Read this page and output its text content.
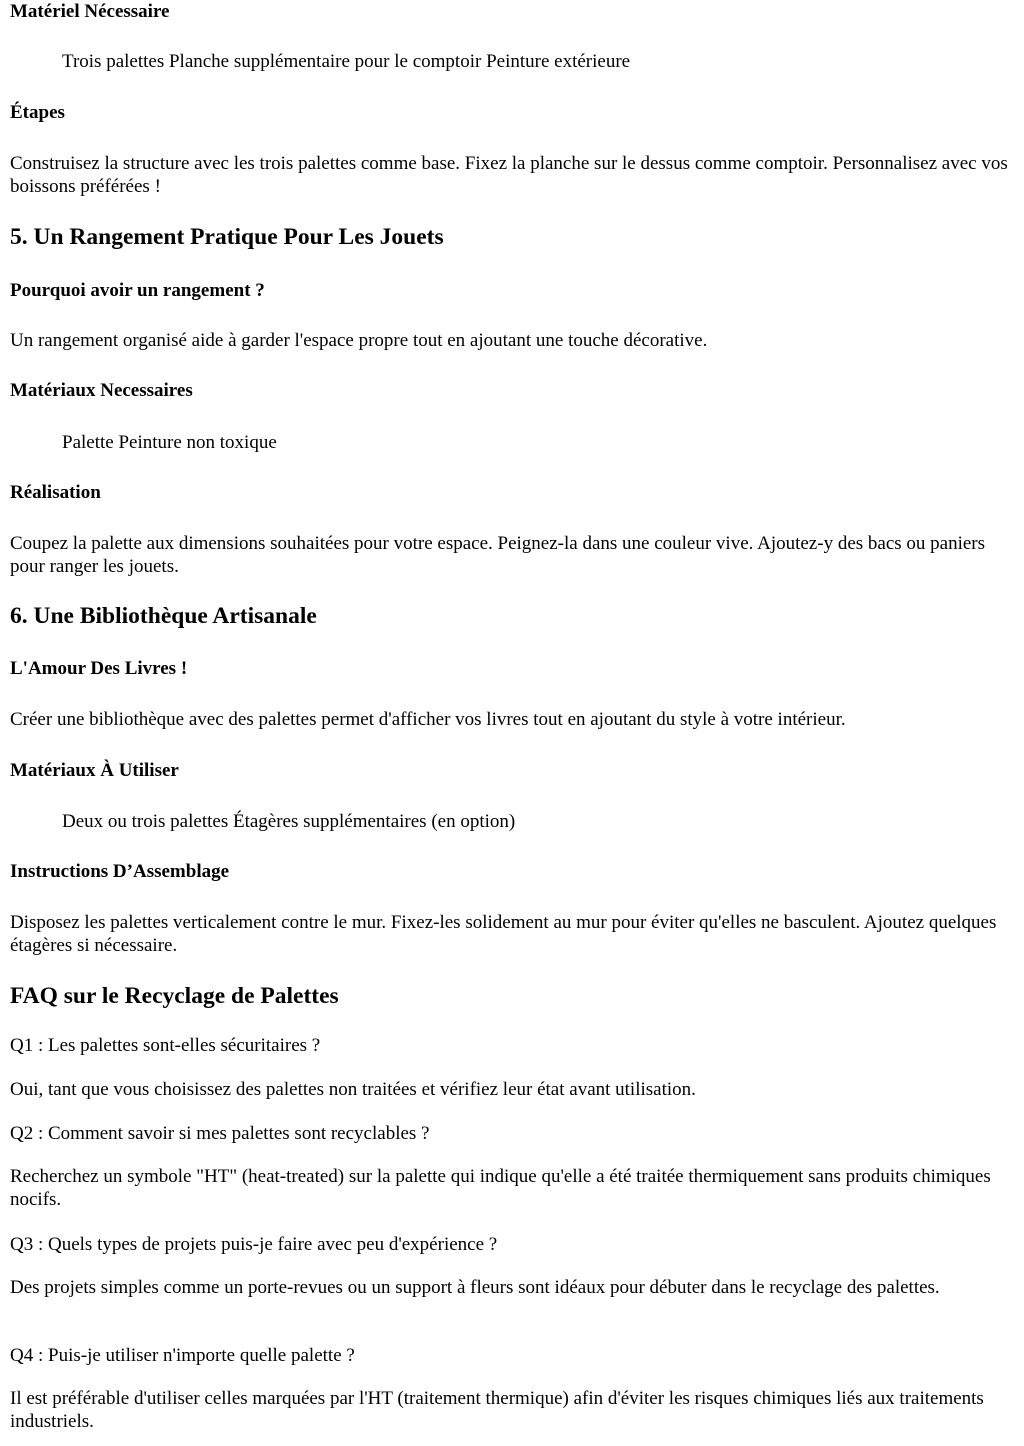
Matériel Nécessaire

Trois palettes Planche supplémentaire pour le comptoir Peinture extérieure

Étapes

Construisez la structure avec les trois palettes comme base. Fixez la planche sur le dessus comme comptoir. Personnalisez avec vos boissons préférées !

5. Un Rangement Pratique Pour Les Jouets
Pourquoi avoir un rangement ?

Un rangement organisé aide à garder l'espace propre tout en ajoutant une touche décorative.

Matériaux Necessaires

Palette Peinture non toxique

Réalisation

Coupez la palette aux dimensions souhaitées pour votre espace. Peignez-la dans une couleur vive. Ajoutez-y des bacs ou paniers pour ranger les jouets.

6. Une Bibliothèque Artisanale
L'Amour Des Livres !

Créer une bibliothèque avec des palettes permet d'afficher vos livres tout en ajoutant du style à votre intérieur.

Matériaux À Utiliser

Deux ou trois palettes Étagères supplémentaires (en option)

Instructions D’Assemblage

Disposez les palettes verticalement contre le mur. Fixez-les solidement au mur pour éviter qu'elles ne basculent. Ajoutez quelques étagères si nécessaire.

FAQ sur le Recyclage de Palettes

Q1 : Les palettes sont-elles sécuritaires ?

Oui, tant que vous choisissez des palettes non traitées et vérifiez leur état avant utilisation.

Q2 : Comment savoir si mes palettes sont recyclables ?

Recherchez un symbole "HT" (heat-treated) sur la palette qui indique qu'elle a été traitée thermiquement sans produits chimiques nocifs.

Q3 : Quels types de projets puis-je faire avec peu d'expérience ?

Des projets simples comme un porte-revues ou un support à fleurs sont idéaux pour débuter dans le recyclage des palettes.

Q4 : Puis-je utiliser n'importe quelle palette ?

Il est préférable d'utiliser celles marquées par l'HT (traitement thermique) afin d'éviter les risques chimiques liés aux traitements industriels.
